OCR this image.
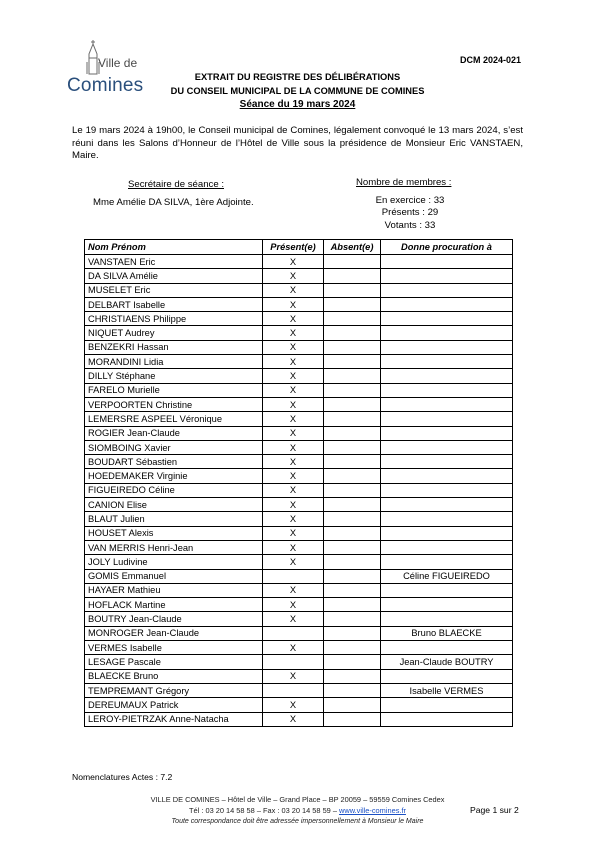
Ville de
Comines
DCM 2024-021
EXTRAIT DU REGISTRE DES DÉLIBÉRATIONS
DU CONSEIL MUNICIPAL DE LA COMMUNE DE COMINES
Séance du 19 mars 2024
Le 19 mars 2024 à 19h00, le Conseil municipal de Comines, légalement convoqué le 13 mars 2024, s’est réuni dans les Salons d’Honneur de l’Hôtel de Ville sous la présidence de Monsieur Eric VANSTAEN, Maire.
Secrétaire de séance :
Mme Amélie DA SILVA, 1ère Adjointe.
Nombre de membres :
En exercice : 33
Présents : 29
Votants : 33
Nom Prénom	Présent(e)	Absent(e)	Donne procuration à
VANSTAEN Eric	X		
DA SILVA Amélie	X		
MUSELET Eric	X		
DELBART Isabelle	X		
CHRISTIAENS Philippe	X		
NIQUET Audrey	X		
BENZEKRI Hassan	X		
MORANDINI Lidia	X		
DILLY Stéphane	X		
FARELO Murielle	X		
VERPOORTEN Christine	X		
LEMERSRE ASPEEL Véronique	X		
ROGIER Jean-Claude	X		
SIOMBOING Xavier	X		
BOUDART Sébastien	X		
HOEDEMAKER Virginie	X		
FIGUEIREDO Céline	X		
CANION Elise	X		
BLAUT Julien	X		
HOUSET Alexis	X		
VAN MERRIS Henri-Jean	X		
JOLY Ludivine	X		
GOMIS Emmanuel			Céline FIGUEIREDO
HAYAER Mathieu	X		
HOFLACK Martine	X		
BOUTRY Jean-Claude	X		
MONROGER Jean-Claude			Bruno BLAECKE
VERMES Isabelle	X		
LESAGE Pascale			Jean-Claude BOUTRY
BLAECKE Bruno	X		
TEMPREMANT Grégory			Isabelle VERMES
DEREUMAUX Patrick	X		
LEROY-PIETRZAK Anne-Natacha	X		
Nomenclatures Actes : 7.2
VILLE DE COMINES – Hôtel de Ville – Grand Place – BP 20059 – 59559 Comines Cedex
Tél : 03 20 14 58 58 – Fax : 03 20 14 58 59 – www.ville-comines.fr
Toute correspondance doit être adressée impersonnellement à Monsieur le Maire
Page 1 sur 2
